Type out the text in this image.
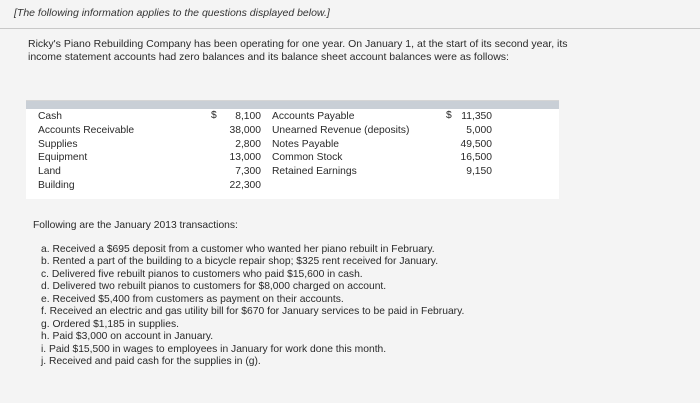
[The following information applies to the questions displayed below.]
Ricky's Piano Rebuilding Company has been operating for one year. On January 1, at the start of its second year, its income statement accounts had zero balances and its balance sheet account balances were as follows:
Cash
Accounts Receivable
Supplies
Equipment
Land
Building
$	8,100
38,000
2,800
13,000
7,300
22,300
Accounts Payable
Unearned Revenue (deposits)
Notes Payable
Common Stock
Retained Earnings
$ 11,350
5,000
49,500
16,500
9,150
Following are the January 2013 transactions:
a. Received a $695 deposit from a customer who wanted her piano rebuilt in February.
b. Rented a part of the building to a bicycle repair shop; $325 rent received for January.
c. Delivered five rebuilt pianos to customers who paid $15,600 in cash.
d. Delivered two rebuilt pianos to customers for $8,000 charged on account.
e. Received $5,400 from customers as payment on their accounts.
f. Received an electric and gas utility bill for $670 for January services to be paid in February.
g. Ordered $1,185 in supplies.
h. Paid $3,000 on account in January.
i. Paid $15,500 in wages to employees in January for work done this month.
j. Received and paid cash for the supplies in (g).
